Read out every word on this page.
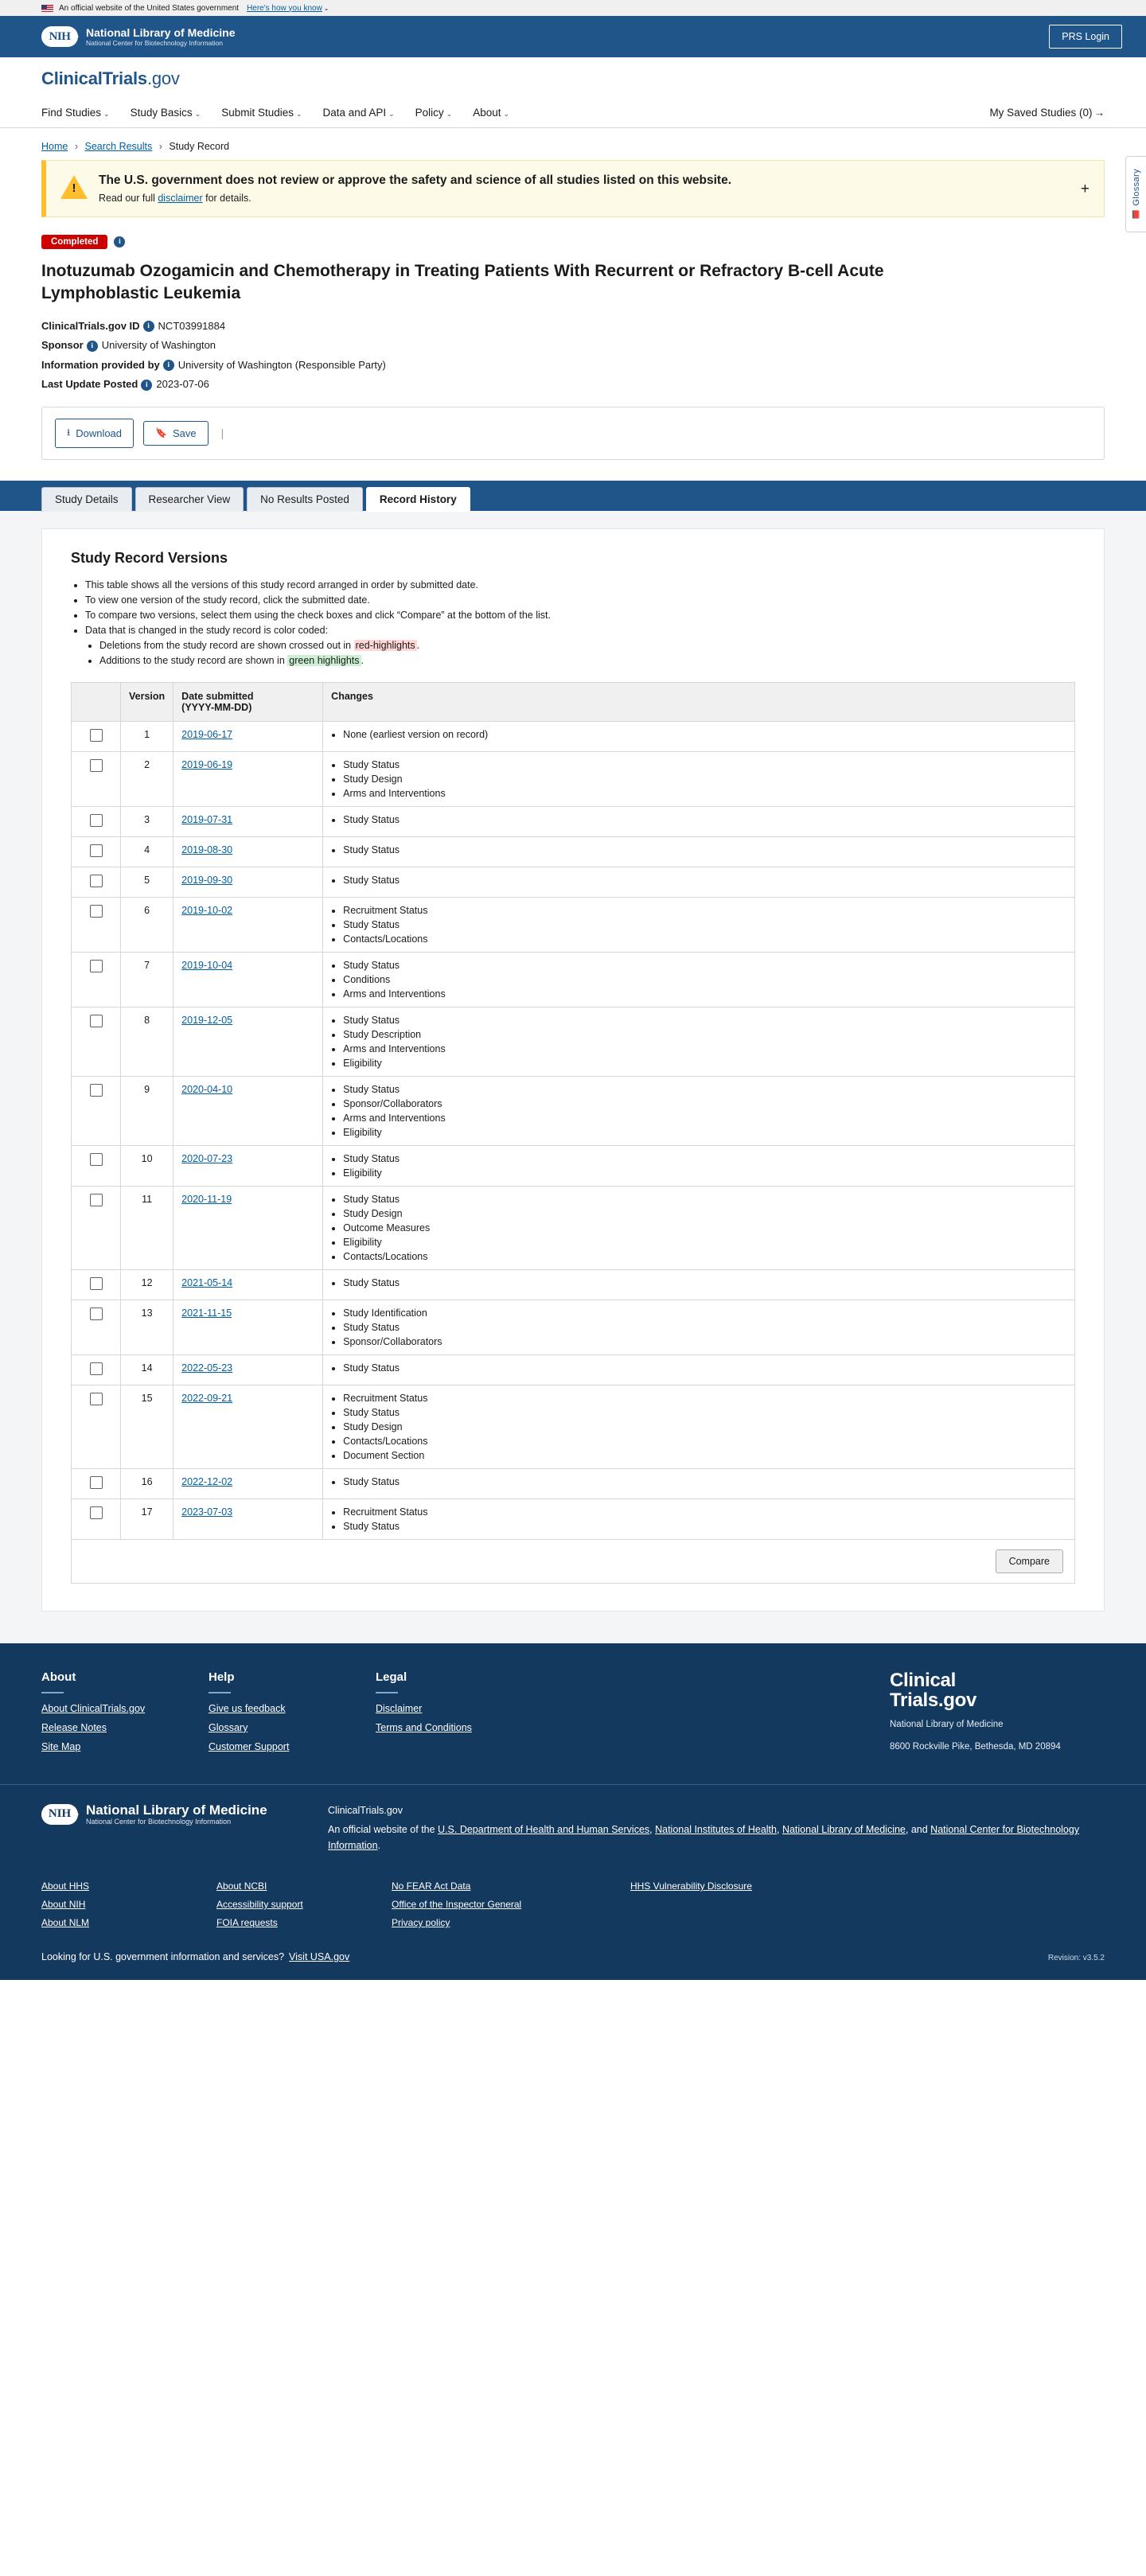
An official website of the United States government Here's how you know ⌄
NIH	National Library of Medicine
National Center for Biotechnology Information
PRS Login
ClinicalTrials.gov
Find Studies ⌄ Study Basics ⌄ Submit Studies ⌄ Data and API ⌄ Policy ⌄ About ⌄	My Saved Studies (0) →
Home › Search Results › Study Record
Glossary
📕
!
The U.S. government does not review or approve the safety and science of all studies listed on this website.
Read our full disclaimer for details.
+
Completed	i
Inotuzumab Ozogamicin and Chemotherapy in Treating Patients With Recurrent or Refractory B-cell Acute Lymphoblastic Leukemia
ClinicalTrials.gov ID i NCT03991884
Sponsor i University of Washington
Information provided by i University of Washington (Responsible Party)
Last Update Posted i 2023-07-06
⭳ Download	🔖 Save |
Study Details	Researcher View	No Results Posted	Record History
Study Record Versions
• This table shows all the versions of this study record arranged in order by submitted date.
• To view one version of the study record, click the submitted date.
• To compare two versions, select them using the check boxes and click “Compare” at the bottom of the list.
• Data that is changed in the study record is color coded:
• Deletions from the study record are shown crossed out in red-highlights .
• Additions to the study record are shown in green highlights .
	Version	Date submitted
(YYYY-MM-DD)	Changes
	1	2019-06-17	
•None (earliest version on record)

	2	2019-06-19	
•Study Status
• Study Design
• Arms and Interventions

	3	2019-07-31	
•Study Status

	4	2019-08-30	
•Study Status

	5	2019-09-30	
•Study Status

	6	2019-10-02	
•Recruitment Status
• Study Status
• Contacts/Locations

	7	2019-10-04	
•Study Status
• Conditions
• Arms and Interventions

	8	2019-12-05	
•Study Status
• Study Description
• Arms and Interventions
• Eligibility

	9	2020-04-10	
•Study Status
• Sponsor/Collaborators
• Arms and Interventions
• Eligibility

	10	2020-07-23	
•Study Status
• Eligibility

	11	2020-11-19	
•Study Status
• Study Design
• Outcome Measures
• Eligibility
• Contacts/Locations

	12	2021-05-14	
•Study Status

	13	2021-11-15	
•Study Identification
• Study Status
• Sponsor/Collaborators

	14	2022-05-23	
•Study Status

	15	2022-09-21	
•Recruitment Status
• Study Status
• Study Design
• Contacts/Locations
• Document Section

	16	2022-12-02	
•Study Status

	17	2023-07-03	
•Recruitment Status
• Study Status
Compare
About
About ClinicalTrials.gov
Release Notes
Site Map
Help
Give us feedback
Glossary
Customer Support
Legal
Disclaimer
Terms and Conditions
Clinical
Trials.gov
National Library of Medicine
8600 Rockville Pike, Bethesda, MD 20894
NIH	National Library of Medicine
National Center for Biotechnology Information
ClinicalTrials.gov
An official website of the U.S. Department of Health and Human Services, National Institutes of Health, National Library of Medicine, and National Center for Biotechnology Information.
About HHS
About NIH
About NLM
About NCBI
Accessibility support
FOIA requests
No FEAR Act Data
Office of the Inspector General
Privacy policy
HHS Vulnerability Disclosure
Looking for U.S. government information and services? Visit USA.gov	Revision: v3.5.2
